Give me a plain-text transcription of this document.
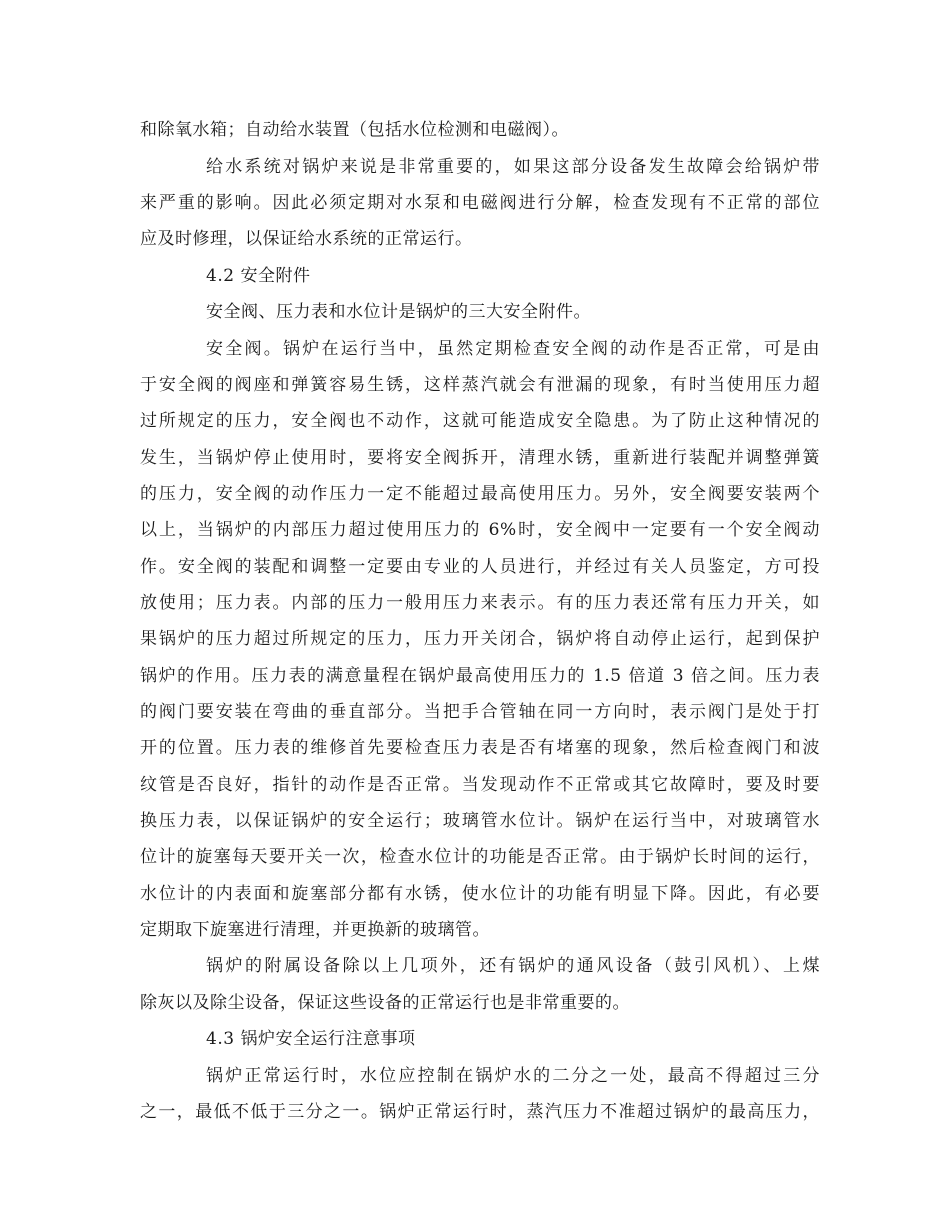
和除氧水箱；自动给水装置（包括水位检测和电磁阀）。
给水系统对锅炉来说是非常重要的，如果这部分设备发生故障会给锅炉带
来严重的影响。因此必须定期对水泵和电磁阀进行分解，检查发现有不正常的部位
应及时修理，以保证给水系统的正常运行。
4.2 安全附件
安全阀、压力表和水位计是锅炉的三大安全附件。
安全阀。锅炉在运行当中，虽然定期检查安全阀的动作是否正常，可是由
于安全阀的阀座和弹簧容易生锈，这样蒸汽就会有泄漏的现象，有时当使用压力超
过所规定的压力，安全阀也不动作，这就可能造成安全隐患。为了防止这种情况的
发生，当锅炉停止使用时，要将安全阀拆开，清理水锈，重新进行装配并调整弹簧
的压力，安全阀的动作压力一定不能超过最高使用压力。另外，安全阀要安装两个
以上，当锅炉的内部压力超过使用压力的 6%时，安全阀中一定要有一个安全阀动
作。安全阀的装配和调整一定要由专业的人员进行，并经过有关人员鉴定，方可投
放使用；压力表。内部的压力一般用压力来表示。有的压力表还常有压力开关，如
果锅炉的压力超过所规定的压力，压力开关闭合，锅炉将自动停止运行，起到保护
锅炉的作用。压力表的满意量程在锅炉最高使用压力的 1.5 倍道 3 倍之间。压力表
的阀门要安装在弯曲的垂直部分。当把手合管轴在同一方向时，表示阀门是处于打
开的位置。压力表的维修首先要检查压力表是否有堵塞的现象，然后检查阀门和波
纹管是否良好，指针的动作是否正常。当发现动作不正常或其它故障时，要及时要
换压力表，以保证锅炉的安全运行；玻璃管水位计。锅炉在运行当中，对玻璃管水
位计的旋塞每天要开关一次，检查水位计的功能是否正常。由于锅炉长时间的运行，
水位计的内表面和旋塞部分都有水锈，使水位计的功能有明显下降。因此，有必要
定期取下旋塞进行清理，并更换新的玻璃管。
锅炉的附属设备除以上几项外，还有锅炉的通风设备（鼓引风机）、上煤
除灰以及除尘设备，保证这些设备的正常运行也是非常重要的。
4.3 锅炉安全运行注意事项
锅炉正常运行时，水位应控制在锅炉水的二分之一处，最高不得超过三分
之一，最低不低于三分之一。锅炉正常运行时，蒸汽压力不准超过锅炉的最高压力，
